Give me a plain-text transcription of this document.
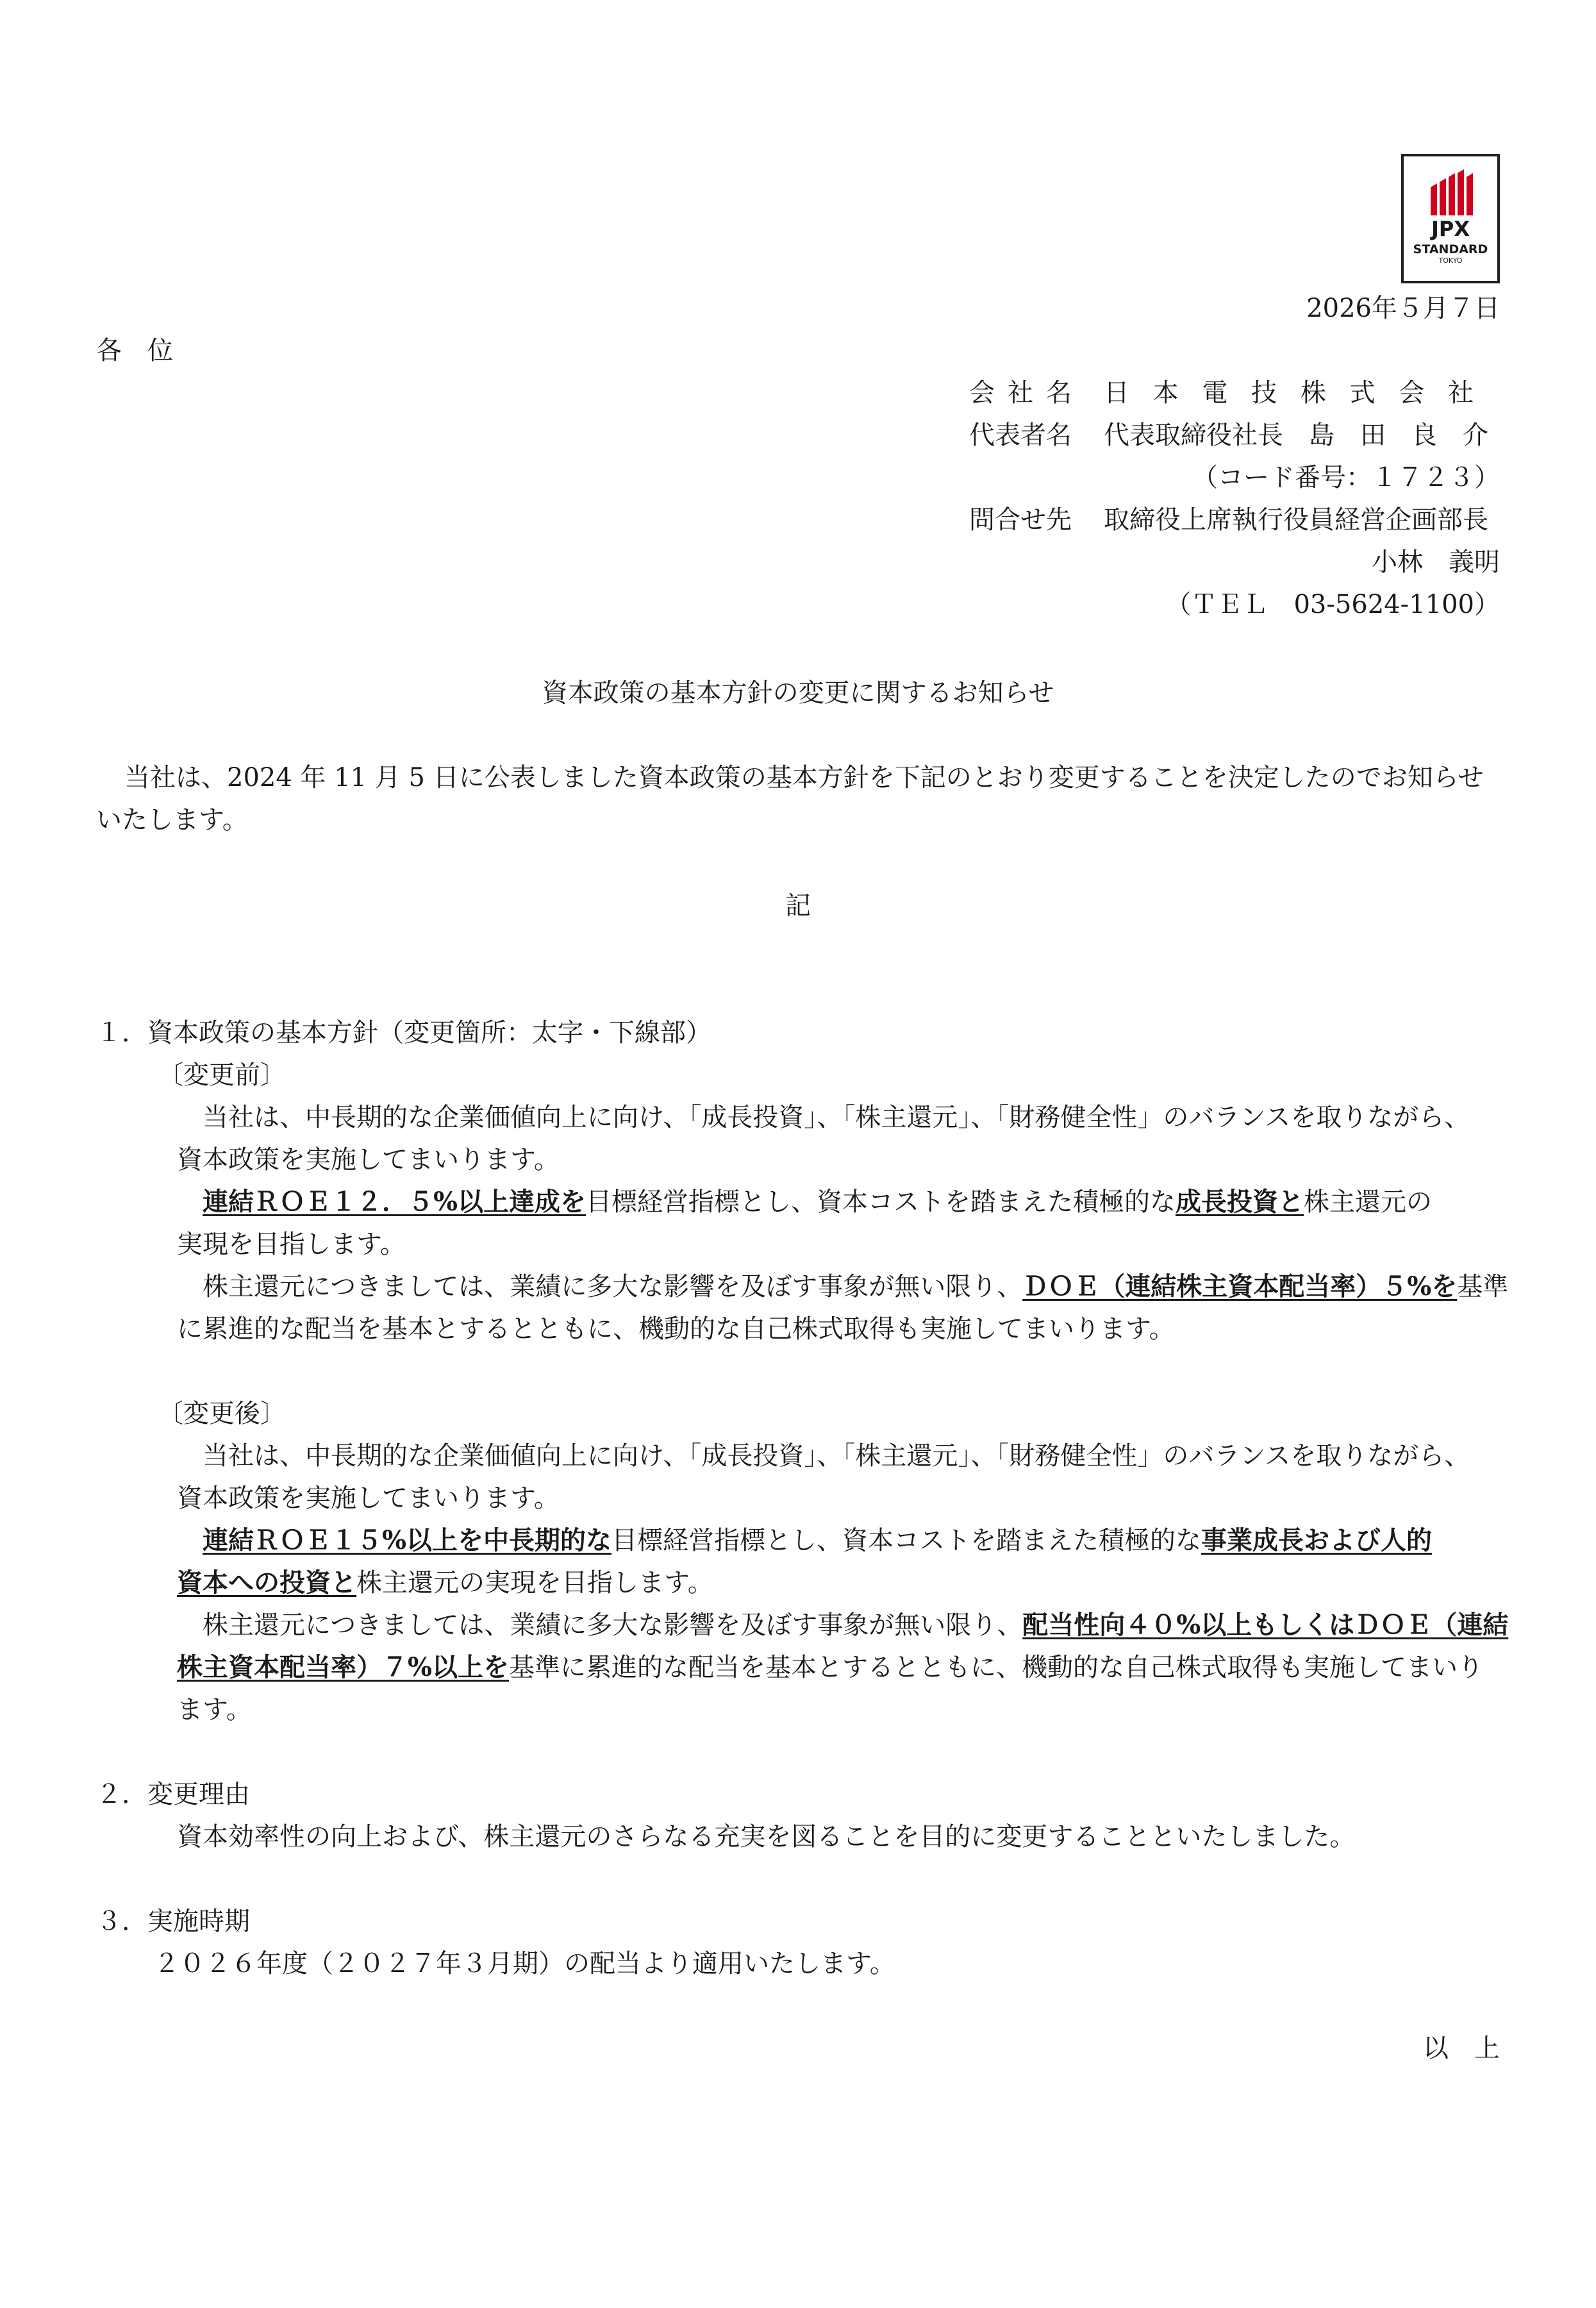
JPX
STANDARD
TOKYO
2026年５月７日
各　位
会社名 日 本 電 技 株 式 会 社
代表者名 代表取締役社長　島　田　良　介
（コード番号：１７２３）
問合せ先 取締役上席執行役員経営企画部長
小林　義明
（ＴＥＬ　03-5624-1100）
資本政策の基本方針の変更に関するお知らせ
当社は、2024 年 11 月 5 日に公表しました資本政策の基本方針を下記のとおり変更することを決定したのでお知らせ
いたします。
記
１．資本政策の基本方針（変更箇所：太字・下線部）
〔変更前〕
当社は、中長期的な企業価値向上に向け、「成長投資」、「株主還元」、「財務健全性」のバランスを取りながら、
資本政策を実施してまいります。
連結ＲＯＥ１２．５%以上達成を目標経営指標とし、資本コストを踏まえた積極的な成長投資と株主還元の
実現を目指します。
株主還元につきましては、業績に多大な影響を及ぼす事象が無い限り、ＤＯＥ（連結株主資本配当率）５%を基準
に累進的な配当を基本とするとともに、機動的な自己株式取得も実施してまいります。
〔変更後〕
当社は、中長期的な企業価値向上に向け、「成長投資」、「株主還元」、「財務健全性」のバランスを取りながら、
資本政策を実施してまいります。
連結ＲＯＥ１５%以上を中長期的な目標経営指標とし、資本コストを踏まえた積極的な事業成長および人的
資本への投資と株主還元の実現を目指します。
株主還元につきましては、業績に多大な影響を及ぼす事象が無い限り、配当性向４０%以上もしくはＤＯＥ（連結
株主資本配当率）７%以上を基準に累進的な配当を基本とするとともに、機動的な自己株式取得も実施してまいり
ます。
２．変更理由
資本効率性の向上および、株主還元のさらなる充実を図ることを目的に変更することといたしました。
３．実施時期
２０２６年度（２０２７年３月期）の配当より適用いたします。
以　上
